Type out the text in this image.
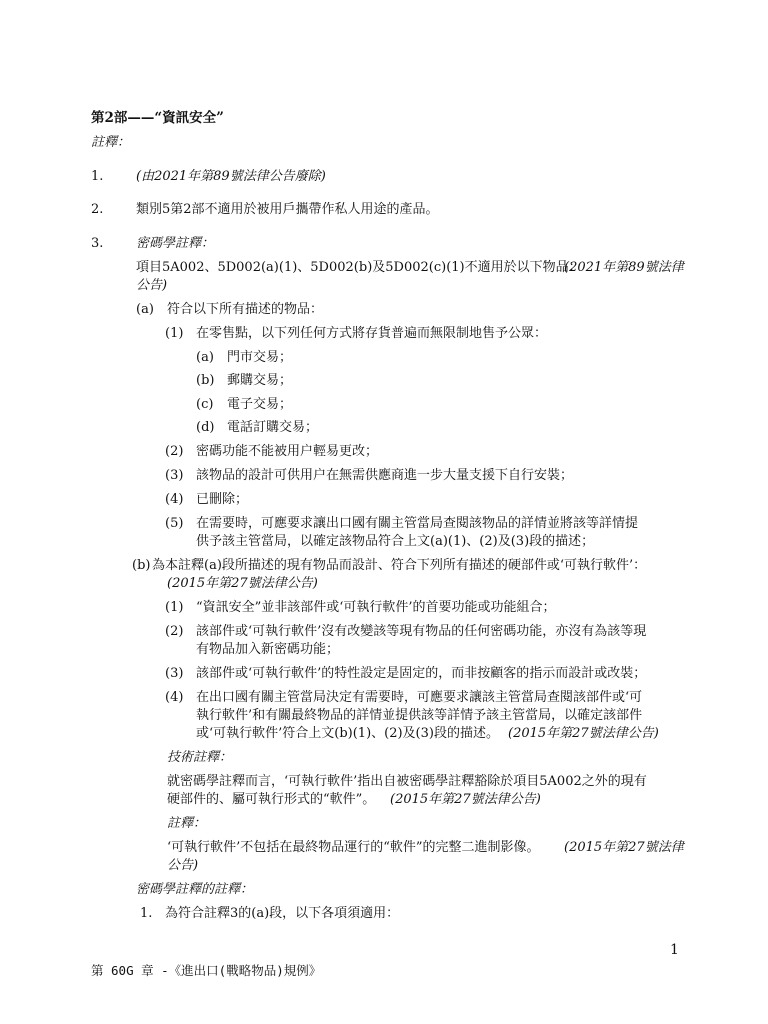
第2部——“資訊安全”
註釋：
1.	(由2021年第89號法律公告廢除)
2.	類別5第2部不適用於被用戶攜帶作私人用途的產品。
3.	密碼學註釋：
項目5A002、5D002(a)(1)、5D002(b)及5D002(c)(1)不適用於以下物品：
(2021年第89號法律
公告)
(a) 符合以下所有描述的物品：
(1) 在零售點，以下列任何方式將存貨普遍而無限制地售予公眾：
(a) 門市交易；
(b) 郵購交易；
(c) 電子交易；
(d) 電話訂購交易；
(2) 密碼功能不能被用户輕易更改；
(3) 該物品的設計可供用户在無需供應商進一步大量支援下自行安裝；
(4) 已刪除；
(5) 在需要時，可應要求讓出口國有關主管當局查閱該物品的詳情並將該等詳情提
供予該主管當局，以確定該物品符合上文(a)(1)、(2)及(3)段的描述；
(b) 為本註釋(a)段所描述的現有物品而設計、符合下列所有描述的硬部件或‘可執行軟件’：
(2015年第27號法律公告)
(1) “資訊安全”並非該部件或‘可執行軟件’的首要功能或功能組合；
(2) 該部件或‘可執行軟件’沒有改變該等現有物品的任何密碼功能，亦沒有為該等現
有物品加入新密碼功能；
(3) 該部件或‘可執行軟件’的特性設定是固定的，而非按顧客的指示而設計或改裝；
(4) 在出口國有關主管當局決定有需要時，可應要求讓該主管當局查閱該部件或‘可
執行軟件’和有關最終物品的詳情並提供該等詳情予該主管當局，以確定該部件
或‘可執行軟件’符合上文(b)(1)、(2)及(3)段的描述。 (2015年第27號法律公告)
技術註釋：
就密碼學註釋而言，‘可執行軟件’指出自被密碼學註釋豁除於項目5A002之外的現有
硬部件的、屬可執行形式的“軟件”。 (2015年第27號法律公告)
註釋：
‘可執行軟件’不包括在最終物品運行的“軟件”的完整二進制影像。 (2015年第27號法律
公告)
密碼學註釋的註釋：
1. 為符合註釋3的(a)段，以下各項須適用：
1
第 60G 章 -《進出口(戰略物品)規例》
